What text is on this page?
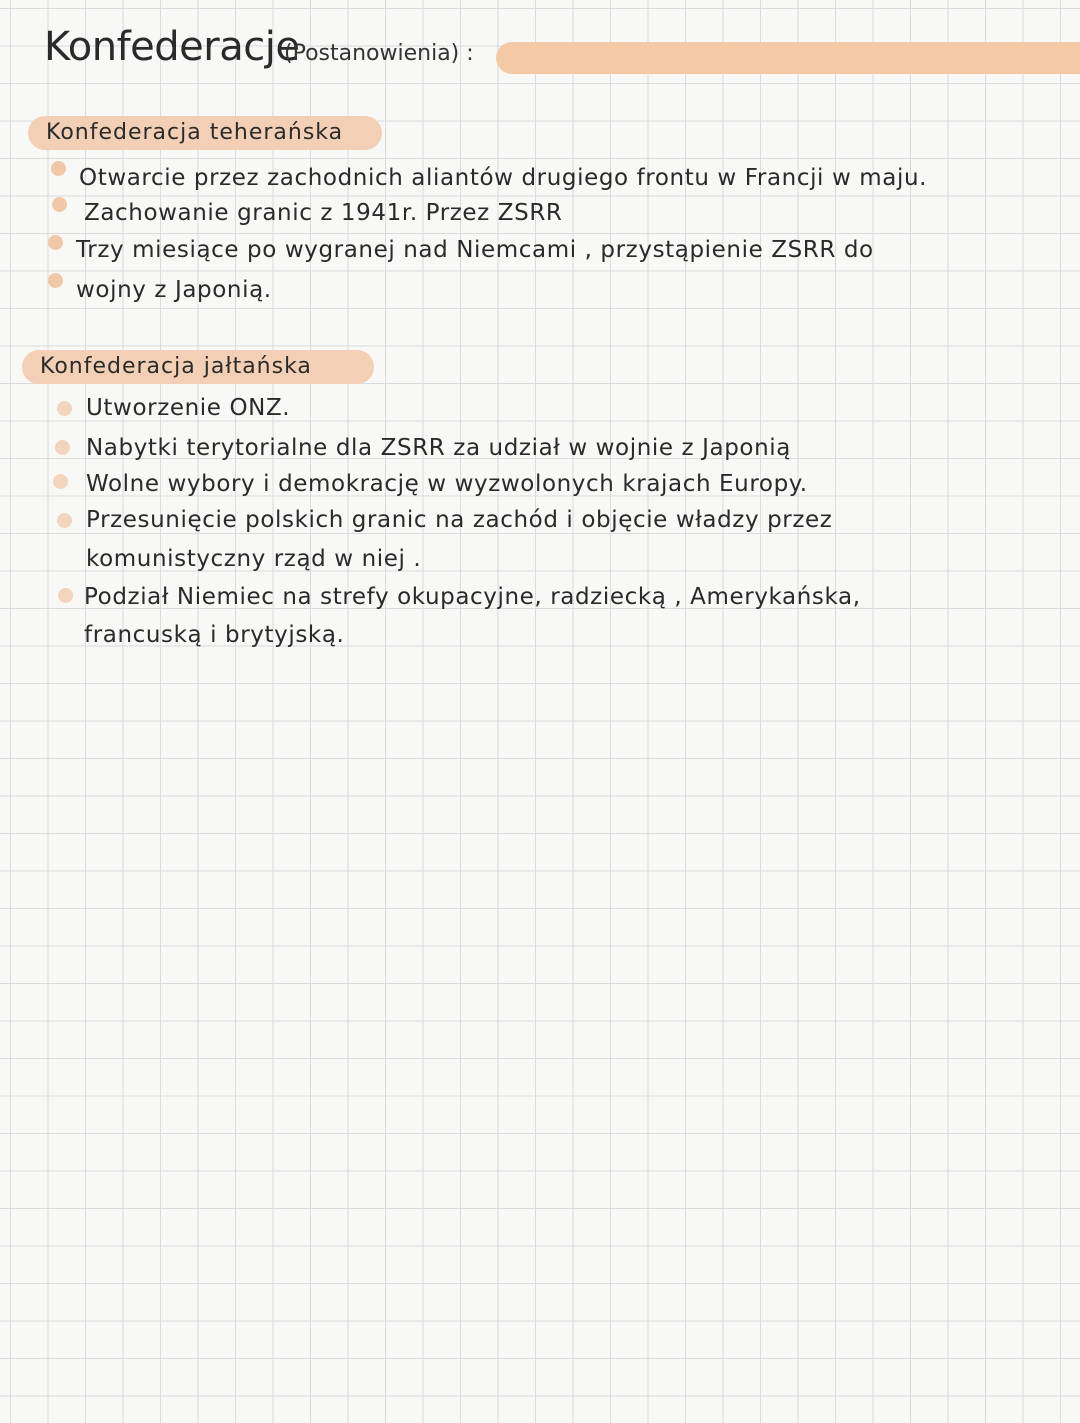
Konfederacje
(Postanowienia) :
Konfederacja teherańska
Otwarcie przez zachodnich aliantów drugiego frontu w Francji w maju.
Zachowanie granic z 1941r. Przez ZSRR
Trzy miesiące po wygranej nad Niemcami , przystąpienie ZSRR do
wojny z Japonią.
Konfederacja jałtańska
Utworzenie ONZ.
Nabytki terytorialne dla ZSRR za udział w wojnie z Japonią
Wolne wybory i demokrację w wyzwolonych krajach Europy.
Przesunięcie polskich granic na zachód i objęcie władzy przez
komunistyczny rząd w niej .
Podział Niemiec na strefy okupacyjne, radziecką , Amerykańska,
francuską i brytyjską.
